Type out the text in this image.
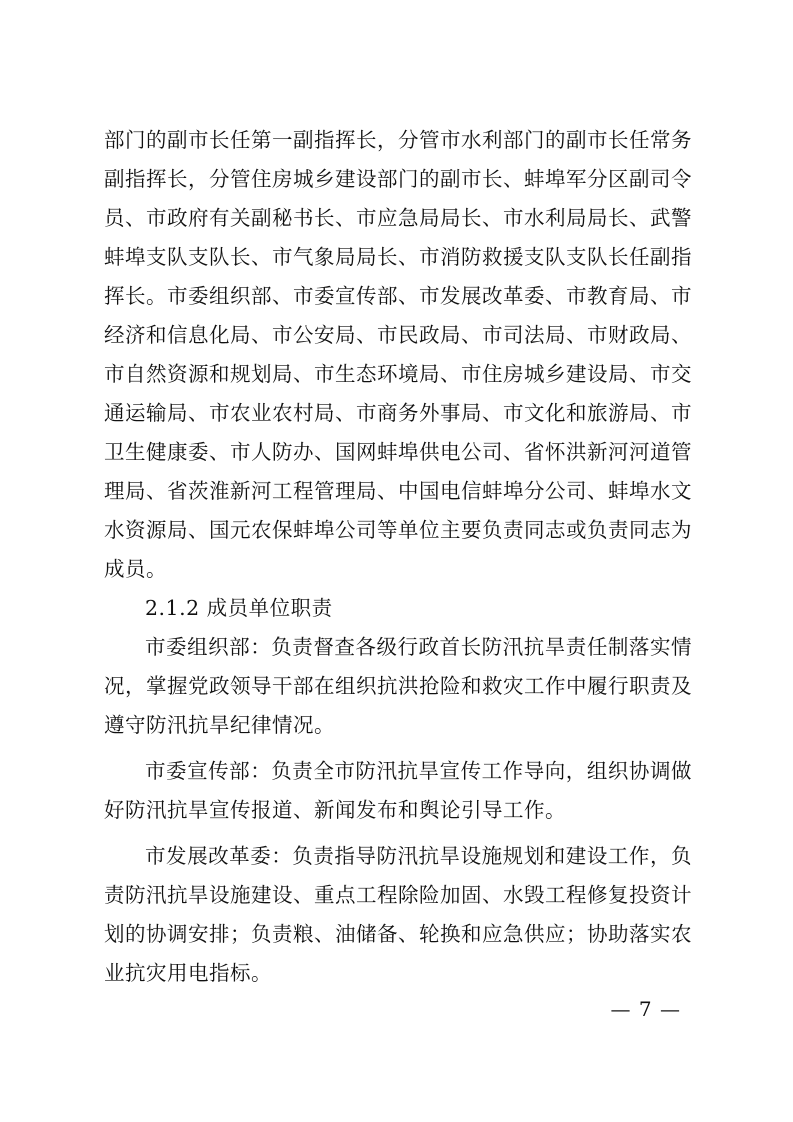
部门的副市长任第一副指挥长，分管市水利部门的副市长任常务
副指挥长，分管住房城乡建设部门的副市长、蚌埠军分区副司令
员、市政府有关副秘书长、市应急局局长、市水利局局长、武警
蚌埠支队支队长、市气象局局长、市消防救援支队支队长任副指
挥长。市委组织部、市委宣传部、市发展改革委、市教育局、市
经济和信息化局、市公安局、市民政局、市司法局、市财政局、
市自然资源和规划局、市生态环境局、市住房城乡建设局、市交
通运输局、市农业农村局、市商务外事局、市文化和旅游局、市
卫生健康委、市人防办、国网蚌埠供电公司、省怀洪新河河道管
理局、省茨淮新河工程管理局、中国电信蚌埠分公司、蚌埠水文
水资源局、国元农保蚌埠公司等单位主要负责同志或负责同志为
成员。
2.1.2 成员单位职责
市委组织部：负责督查各级行政首长防汛抗旱责任制落实情
况，掌握党政领导干部在组织抗洪抢险和救灾工作中履行职责及
遵守防汛抗旱纪律情况。
市委宣传部：负责全市防汛抗旱宣传工作导向，组织协调做
好防汛抗旱宣传报道、新闻发布和舆论引导工作。
市发展改革委：负责指导防汛抗旱设施规划和建设工作，负
责防汛抗旱设施建设、重点工程除险加固、水毁工程修复投资计
划的协调安排；负责粮、油储备、轮换和应急供应；协助落实农
业抗灾用电指标。
— 7 —
